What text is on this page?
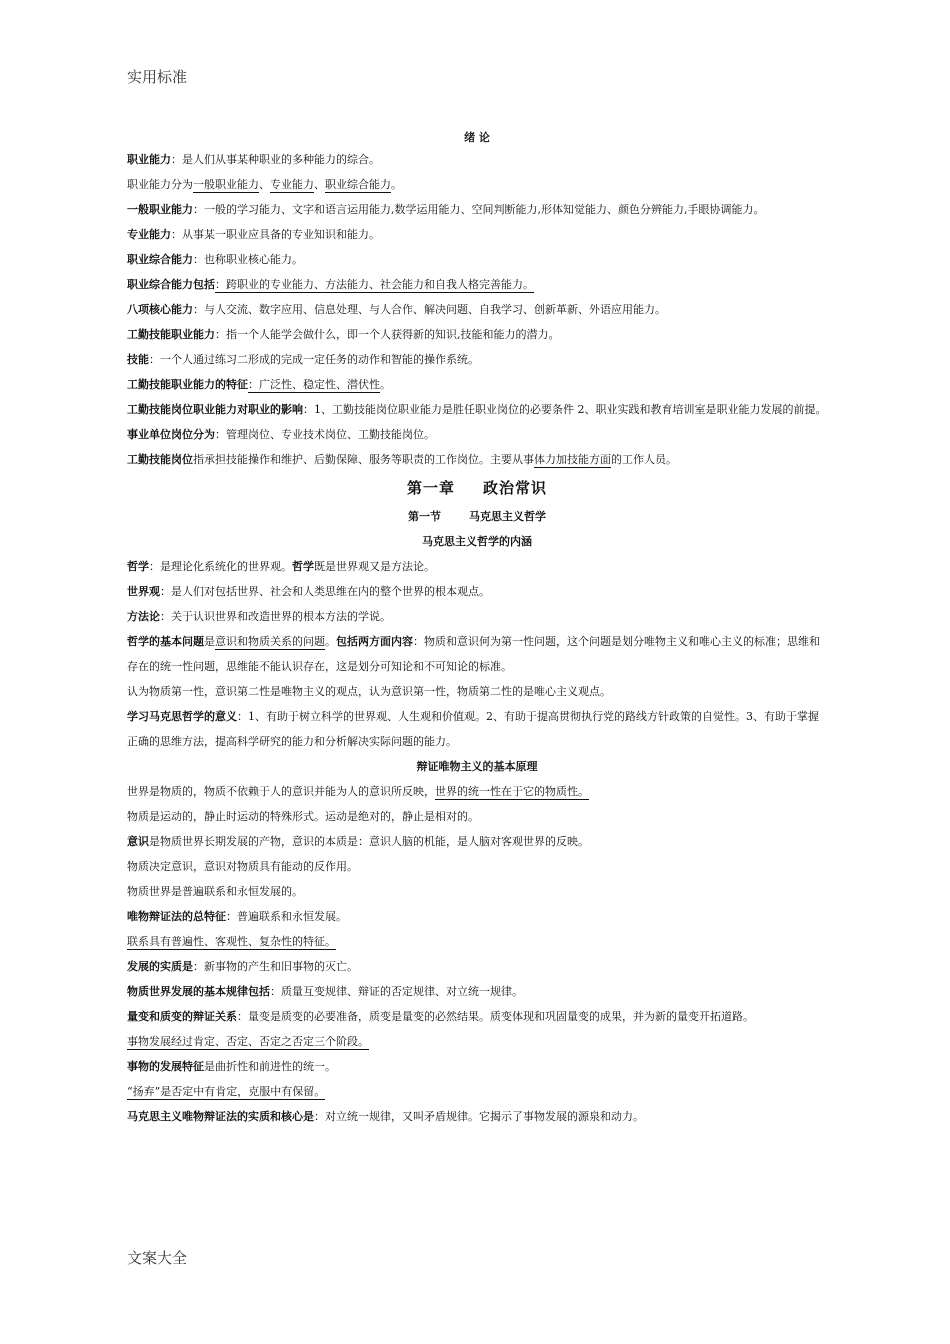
实用标准
绪 论

职业能力：是人们从事某种职业的多种能力的综合。

职业能力分为一般职业能力、专业能力、职业综合能力。

一般职业能力：一般的学习能力、文字和语言运用能力,数学运用能力、空间判断能力,形体知觉能力、颜色分辨能力,手眼协调能力。

专业能力：从事某一职业应具备的专业知识和能力。

职业综合能力：也称职业核心能力。

职业综合能力包括：跨职业的专业能力、方法能力、社会能力和自我人格完善能力。

八项核心能力：与人交流、数字应用、信息处理、与人合作、解决问题、自我学习、创新革新、外语应用能力。

工勤技能职业能力：指一个人能学会做什么，即一个人获得新的知识,技能和能力的潜力。

技能：一个人通过练习二形成的完成一定任务的动作和智能的操作系统。

工勤技能职业能力的特征：广泛性、稳定性、潜伏性。

工勤技能岗位职业能力对职业的影响：1、工勤技能岗位职业能力是胜任职业岗位的必要条件 2、职业实践和教育培训室是职业能力发展的前提。

事业单位岗位分为：管理岗位、专业技术岗位、工勤技能岗位。

工勤技能岗位指承担技能操作和维护、后勤保障、服务等职责的工作岗位。主要从事体力加技能方面的工作人员。

第一章 政治常识
第一节	马克思主义哲学
马克思主义哲学的内涵

哲学：是理论化系统化的世界观。哲学既是世界观又是方法论。

世界观：是人们对包括世界、社会和人类思维在内的整个世界的根本观点。

方法论：关于认识世界和改造世界的根本方法的学说。

哲学的基本问题是意识和物质关系的问题。包括两方面内容：物质和意识何为第一性问题，这个问题是划分唯物主义和唯心主义的标准；思维和存在的统一性问题，思维能不能认识存在，这是划分可知论和不可知论的标准。

认为物质第一性，意识第二性是唯物主义的观点，认为意识第一性，物质第二性的是唯心主义观点。

学习马克思哲学的意义：1、有助于树立科学的世界观、人生观和价值观。2、有助于提高贯彻执行党的路线方针政策的自觉性。3、有助于掌握正确的思维方法，提高科学研究的能力和分析解决实际问题的能力。

辩证唯物主义的基本原理

世界是物质的，物质不依赖于人的意识并能为人的意识所反映，世界的统一性在于它的物质性。

物质是运动的，静止时运动的特殊形式。运动是绝对的，静止是相对的。

意识是物质世界长期发展的产物，意识的本质是：意识人脑的机能，是人脑对客观世界的反映。

物质决定意识，意识对物质具有能动的反作用。

物质世界是普遍联系和永恒发展的。

唯物辩证法的总特征：普遍联系和永恒发展。

联系具有普遍性、客观性、复杂性的特征。

发展的实质是：新事物的产生和旧事物的灭亡。

物质世界发展的基本规律包括：质量互变规律、辩证的否定规律、对立统一规律。

量变和质变的辩证关系：量变是质变的必要准备，质变是量变的必然结果。质变体现和巩固量变的成果，并为新的量变开拓道路。

事物发展经过肯定、否定、否定之否定三个阶段。

事物的发展特征是曲折性和前进性的统一。

“扬弃”是否定中有肯定，克服中有保留。

马克思主义唯物辩证法的实质和核心是：对立统一规律，又叫矛盾规律。它揭示了事物发展的源泉和动力。

文案大全
